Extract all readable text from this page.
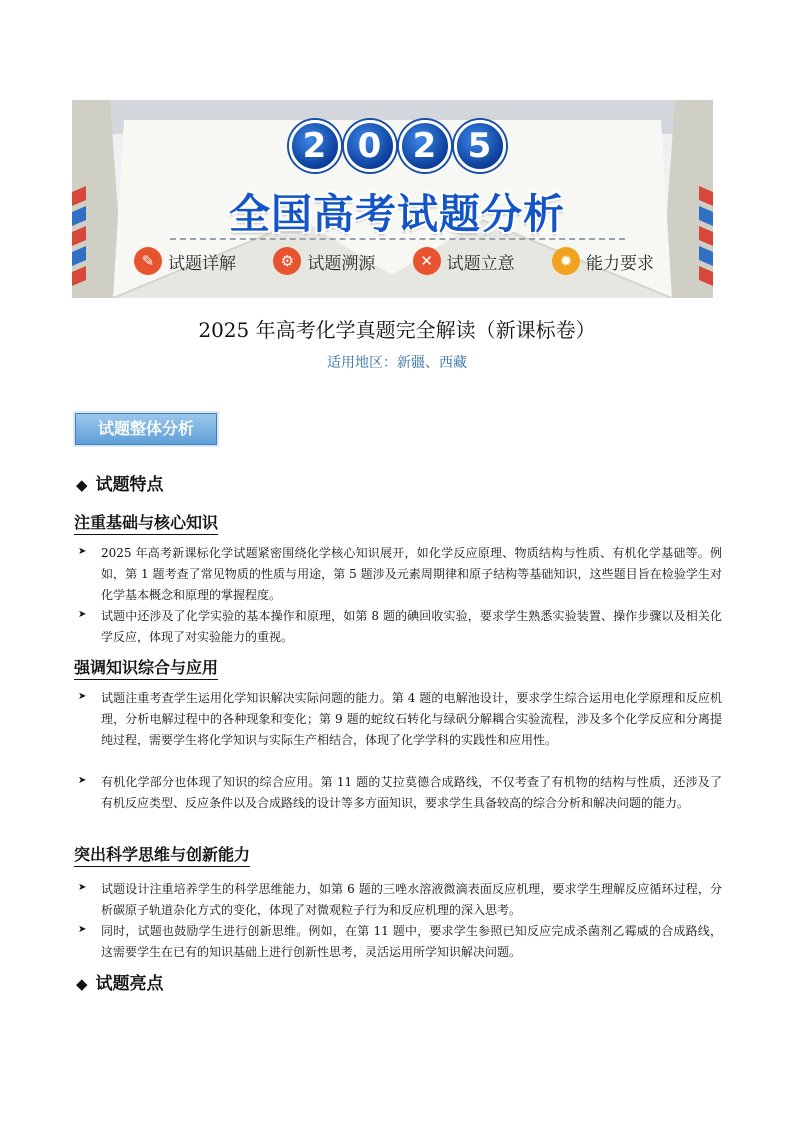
2 0 2 5
全国高考试题分析
✎ 试题详解	⚙ 试题溯源	✕ 试题立意	✹ 能力要求
2025 年高考化学真题完全解读（新课标卷）
适用地区：新疆、西藏
试题整体分析
◆ 试题特点
注重基础与核心知识
➤ 2025 年高考新课标化学试题紧密围绕化学核心知识展开，如化学反应原理、物质结构与性质、有机化学基础等。例如，第 1 题考查了常见物质的性质与用途，第 5 题涉及元素周期律和原子结构等基础知识，这些题目旨在检验学生对化学基本概念和原理的掌握程度。
➤ 试题中还涉及了化学实验的基本操作和原理，如第 8 题的碘回收实验，要求学生熟悉实验装置、操作步骤以及相关化学反应，体现了对实验能力的重视。
强调知识综合与应用
➤ 试题注重考查学生运用化学知识解决实际问题的能力。第 4 题的电解池设计，要求学生综合运用电化学原理和反应机理，分析电解过程中的各种现象和变化；第 9 题的蛇纹石转化与绿矾分解耦合实验流程，涉及多个化学反应和分离提纯过程，需要学生将化学知识与实际生产相结合，体现了化学学科的实践性和应用性。
➤ 有机化学部分也体现了知识的综合应用。第 11 题的艾拉莫德合成路线，不仅考查了有机物的结构与性质，还涉及了有机反应类型、反应条件以及合成路线的设计等多方面知识，要求学生具备较高的综合分析和解决问题的能力。
突出科学思维与创新能力
➤ 试题设计注重培养学生的科学思维能力，如第 6 题的三唑水溶液微滴表面反应机理，要求学生理解反应循环过程，分析碳原子轨道杂化方式的变化，体现了对微观粒子行为和反应机理的深入思考。
➤ 同时，试题也鼓励学生进行创新思维。例如，在第 11 题中，要求学生参照已知反应完成杀菌剂乙霉威的合成路线，这需要学生在已有的知识基础上进行创新性思考，灵活运用所学知识解决问题。
◆ 试题亮点
